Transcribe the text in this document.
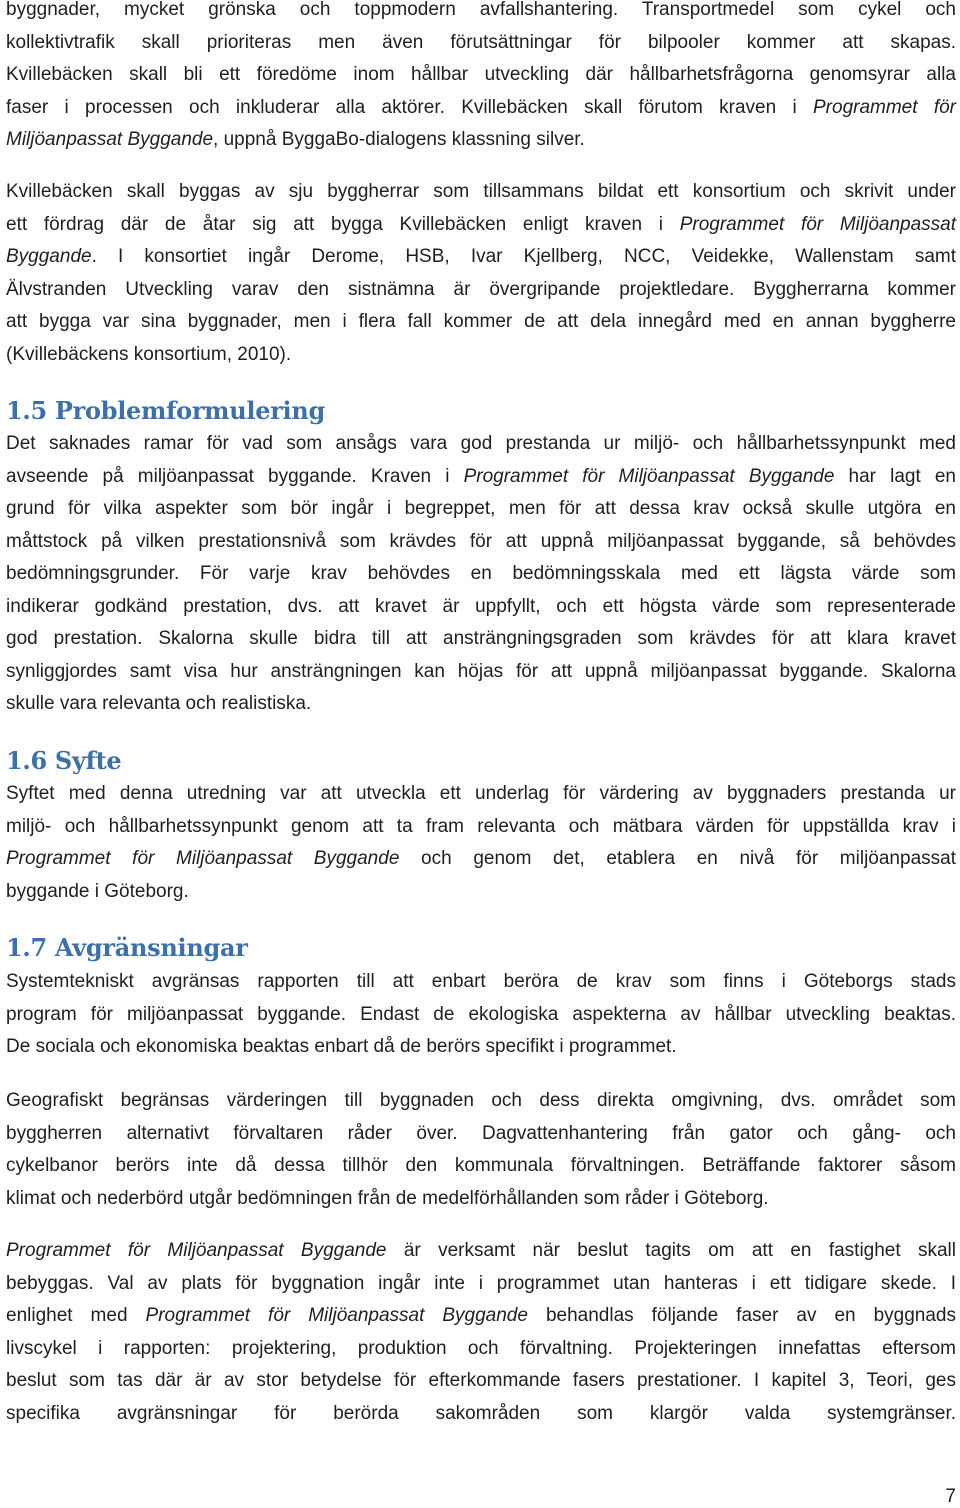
byggnader, mycket grönska och toppmodern avfallshantering. Transportmedel som cykel och
kollektivtrafik skall prioriteras men även förutsättningar för bilpooler kommer att skapas.
Kvillebäcken skall bli ett föredöme inom hållbar utveckling där hållbarhetsfrågorna genomsyrar alla
faser i processen och inkluderar alla aktörer. Kvillebäcken skall förutom kraven i Programmet för
Miljöanpassat Byggande, uppnå ByggaBo-dialogens klassning silver.
Kvillebäcken skall byggas av sju byggherrar som tillsammans bildat ett konsortium och skrivit under
ett fördrag där de åtar sig att bygga Kvillebäcken enligt kraven i Programmet för Miljöanpassat
Byggande. I konsortiet ingår Derome, HSB, Ivar Kjellberg, NCC, Veidekke, Wallenstam samt
Älvstranden Utveckling varav den sistnämna är övergripande projektledare. Byggherrarna kommer
att bygga var sina byggnader, men i flera fall kommer de att dela innegård med en annan byggherre
(Kvillebäckens konsortium, 2010).
1.5 Problemformulering
Det saknades ramar för vad som ansågs vara god prestanda ur miljö- och hållbarhetssynpunkt med
avseende på miljöanpassat byggande. Kraven i Programmet för Miljöanpassat Byggande har lagt en
grund för vilka aspekter som bör ingår i begreppet, men för att dessa krav också skulle utgöra en
måttstock på vilken prestationsnivå som krävdes för att uppnå miljöanpassat byggande, så behövdes
bedömningsgrunder. För varje krav behövdes en bedömningsskala med ett lägsta värde som
indikerar godkänd prestation, dvs. att kravet är uppfyllt, och ett högsta värde som representerade
god prestation. Skalorna skulle bidra till att ansträngningsgraden som krävdes för att klara kravet
synliggjordes samt visa hur ansträngningen kan höjas för att uppnå miljöanpassat byggande. Skalorna
skulle vara relevanta och realistiska.
1.6 Syfte
Syftet med denna utredning var att utveckla ett underlag för värdering av byggnaders prestanda ur
miljö- och hållbarhetssynpunkt genom att ta fram relevanta och mätbara värden för uppställda krav i
Programmet för Miljöanpassat Byggande och genom det, etablera en nivå för miljöanpassat
byggande i Göteborg.
1.7 Avgränsningar
Systemtekniskt avgränsas rapporten till att enbart beröra de krav som finns i Göteborgs stads
program för miljöanpassat byggande. Endast de ekologiska aspekterna av hållbar utveckling beaktas.
De sociala och ekonomiska beaktas enbart då de berörs specifikt i programmet.
Geografiskt begränsas värderingen till byggnaden och dess direkta omgivning, dvs. området som
byggherren alternativt förvaltaren råder över. Dagvattenhantering från gator och gång- och
cykelbanor berörs inte då dessa tillhör den kommunala förvaltningen. Beträffande faktorer såsom
klimat och nederbörd utgår bedömningen från de medelförhållanden som råder i Göteborg.
Programmet för Miljöanpassat Byggande är verksamt när beslut tagits om att en fastighet skall
bebyggas. Val av plats för byggnation ingår inte i programmet utan hanteras i ett tidigare skede. I
enlighet med Programmet för Miljöanpassat Byggande behandlas följande faser av en byggnads
livscykel i rapporten: projektering, produktion och förvaltning. Projekteringen innefattas eftersom
beslut som tas där är av stor betydelse för efterkommande fasers prestationer. I kapitel 3, Teori, ges
specifika avgränsningar för berörda sakområden som klargör valda systemgränser.
7
